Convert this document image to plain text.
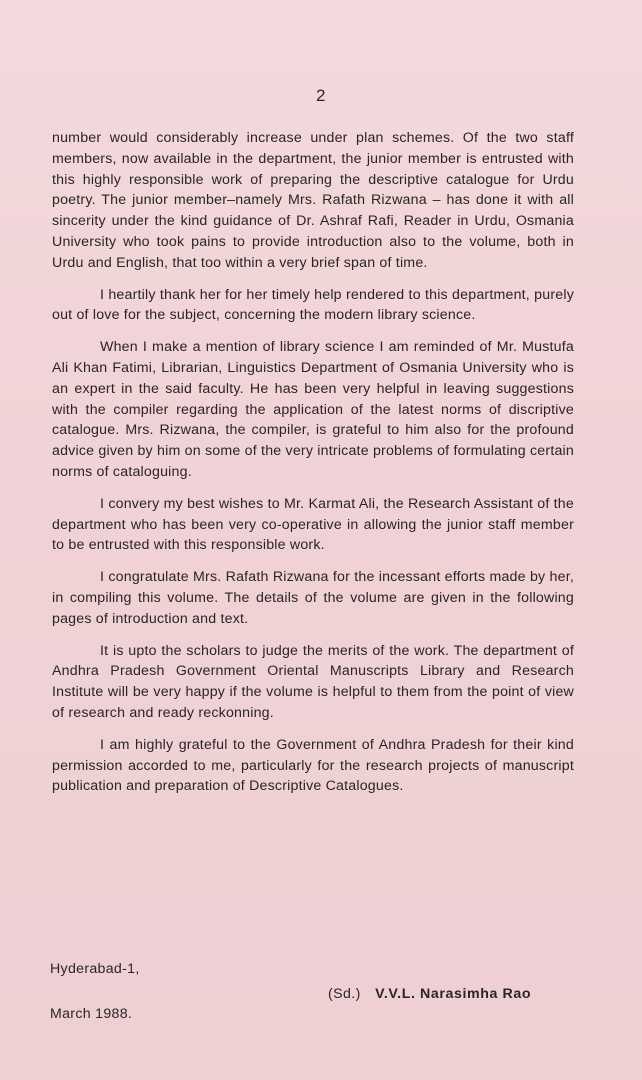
2

number would considerably increase under plan schemes. Of the two staff members, now available in the department, the junior member is entrusted with this highly responsible work of preparing the descriptive catalogue for Urdu poetry. The junior member–namely Mrs. Rafath Rizwana – has done it with all sincerity under the kind guidance of Dr. Ashraf Rafi, Reader in Urdu, Osmania University who took pains to provide introduction also to the volume, both in Urdu and English, that too within a very brief span of time.

I heartily thank her for her timely help rendered to this department, purely out of love for the subject, concerning the modern library science.

When I make a mention of library science I am reminded of Mr. Mustufa Ali Khan Fatimi, Librarian, Linguistics Department of Osmania University who is an expert in the said faculty. He has been very helpful in leaving suggestions with the compiler regarding the application of the latest norms of discriptive catalogue. Mrs. Rizwana, the compiler, is grateful to him also for the profound advice given by him on some of the very intricate problems of formulating certain norms of cataloguing.

I convery my best wishes to Mr. Karmat Ali, the Research Assistant of the department who has been very co-operative in allowing the junior staff member to be entrusted with this responsible work.

I congratulate Mrs. Rafath Rizwana for the incessant efforts made by her, in compiling this volume. The details of the volume are given in the following pages of introduction and text.

It is upto the scholars to judge the merits of the work. The department of Andhra Pradesh Government Oriental Manuscripts Library and Research Institute will be very happy if the volume is helpful to them from the point of view of research and ready reckonning.

I am highly grateful to the Government of Andhra Pradesh for their kind permission accorded to me, particularly for the research projects of manuscript publication and preparation of Descriptive Catalogues.

Hyderabad-1,
(Sd.) V.V.L. Narasimha Rao
March 1988.
